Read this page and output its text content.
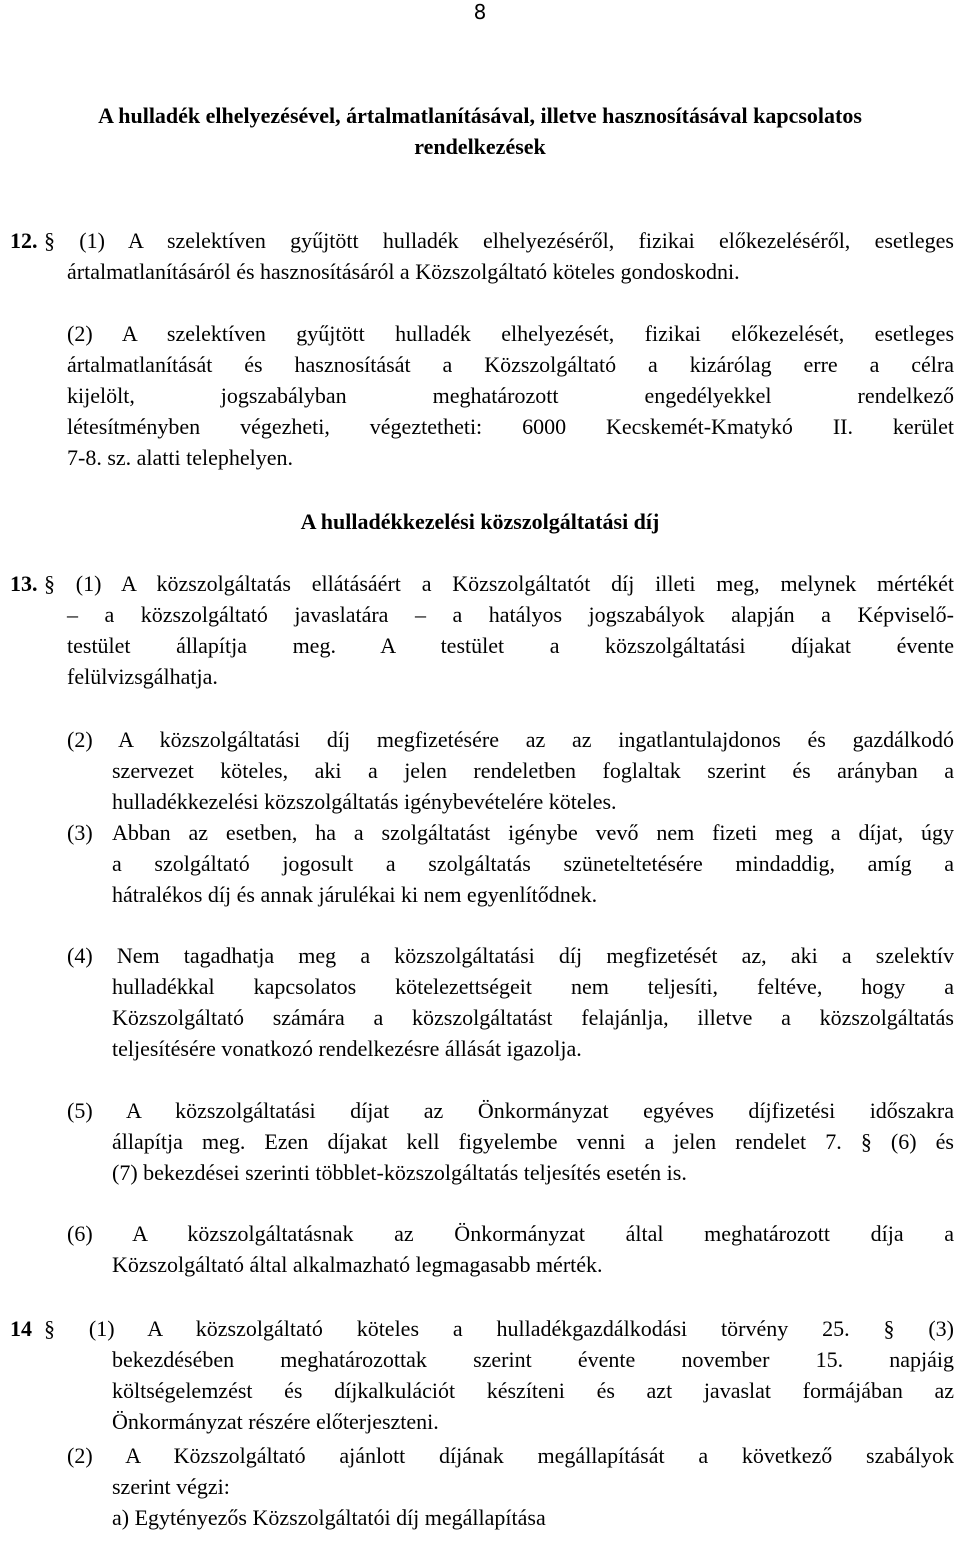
8

A hulladék elhelyezésével, ártalmatlanításával, illetve hasznosításával kapcsolatos

rendelkezések

12. § (1) A szelektíven gyűjtött hulladék elhelyezéséről, fizikai előkezeléséről, esetleges

ártalmatlanításáról és hasznosításáról a Közszolgáltató köteles gondoskodni.

(2) A szelektíven gyűjtött hulladék elhelyezését, fizikai előkezelését, esetleges

ártalmatlanítását és hasznosítását a Közszolgáltató a kizárólag erre a célra

kijelölt, jogszabályban meghatározott engedélyekkel rendelkező

létesítményben végezheti, végeztetheti: 6000 Kecskemét-Kmatykó II. kerület

7-8. sz. alatti telephelyen.

A hulladékkezelési közszolgáltatási díj
13. § (1) A közszolgáltatás ellátásáért a Közszolgáltatót díj illeti meg, melynek mértékét

– a közszolgáltató javaslatára – a hatályos jogszabályok alapján a Képviselő-

testület állapítja meg. A testület a közszolgáltatási díjakat évente

felülvizsgálhatja.

(2) A közszolgáltatási díj megfizetésére az az ingatlantulajdonos és gazdálkodó

szervezet köteles, aki a jelen rendeletben foglaltak szerint és arányban a

hulladékkezelési közszolgáltatás igénybevételére köteles.

(3) Abban az esetben, ha a szolgáltatást igénybe vevő nem fizeti meg a díjat, úgy

a szolgáltató jogosult a szolgáltatás szüneteltetésére mindaddig, amíg a

hátralékos díj és annak járulékai ki nem egyenlítődnek.

(4) Nem tagadhatja meg a közszolgáltatási díj megfizetését az, aki a szelektív

hulladékkal kapcsolatos kötelezettségeit nem teljesíti, feltéve, hogy a

Közszolgáltató számára a közszolgáltatást felajánlja, illetve a közszolgáltatás

teljesítésére vonatkozó rendelkezésre állását igazolja.

(5) A közszolgáltatási díjat az Önkormányzat egyéves díjfizetési időszakra

állapítja meg. Ezen díjakat kell figyelembe venni a jelen rendelet 7. § (6) és

(7) bekezdései szerinti többlet-közszolgáltatás teljesítés esetén is.

(6) A közszolgáltatásnak az Önkormányzat által meghatározott díja a

Közszolgáltató által alkalmazható legmagasabb mérték.

14 § (1) A közszolgáltató köteles a hulladékgazdálkodási törvény 25. § (3)

bekezdésében meghatározottak szerint évente november 15. napjáig

költségelemzést és díjkalkulációt készíteni és azt javaslat formájában az

Önkormányzat részére előterjeszteni.

(2) A Közszolgáltató ajánlott díjának megállapítását a következő szabályok

szerint végzi:

a) Egytényezős Közszolgáltatói díj megállapítása
